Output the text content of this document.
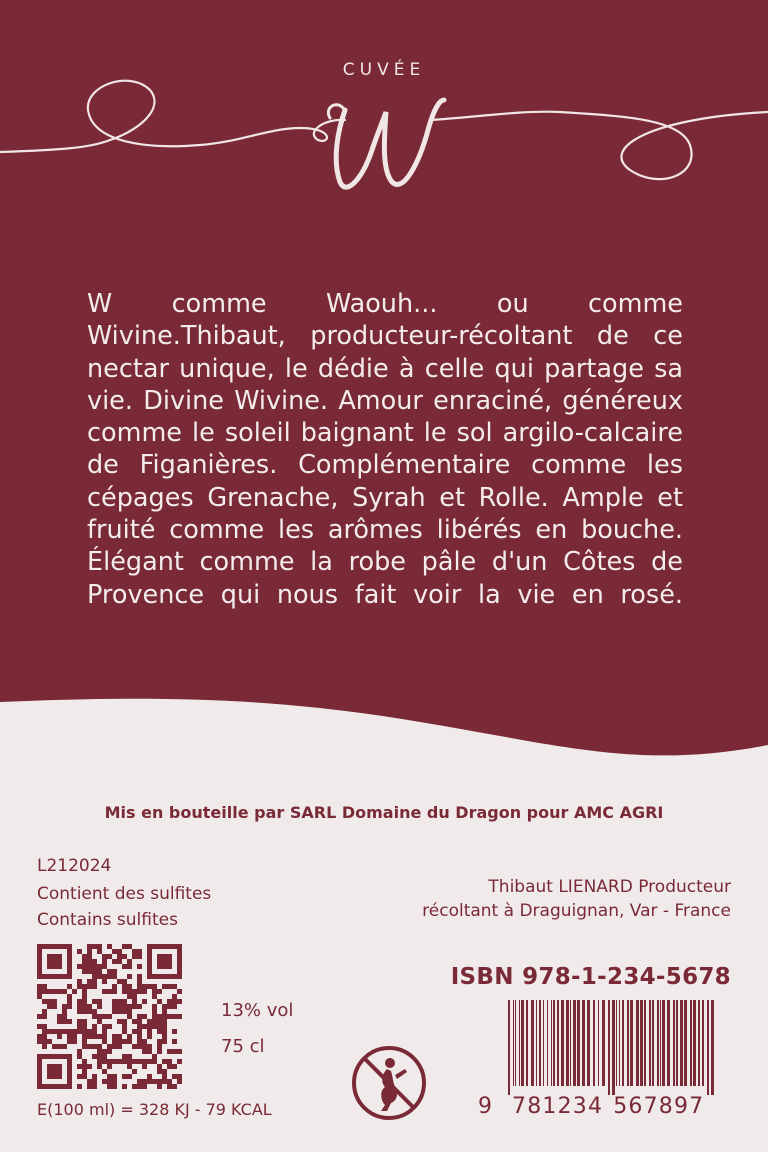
CUVÉE
W comme Waouh... ou comme Wivine.Thibaut, producteur-récoltant de ce nectar unique, le dédie à celle qui partage sa vie. Divine Wivine. Amour enraciné, généreux comme le soleil baignant le sol argilo-calcaire de Figanières. Complémentaire comme les cépages Grenache, Syrah et Rolle. Ample et fruité comme les arômes libérés en bouche. Élégant comme la robe pâle d'un Côtes de Provence qui nous fait voir la vie en rosé.
Mis en bouteille par SARL Domaine du Dragon pour AMC AGRI
L212024
Contient des sulfites
Contains sulfites
Thibaut LIENARD Producteur
récoltant à Draguignan, Var - France
13% vol
75 cl
E(100 ml) = 328 KJ - 79 KCAL
ISBN 978-1-234-5678
9 781234 567897
